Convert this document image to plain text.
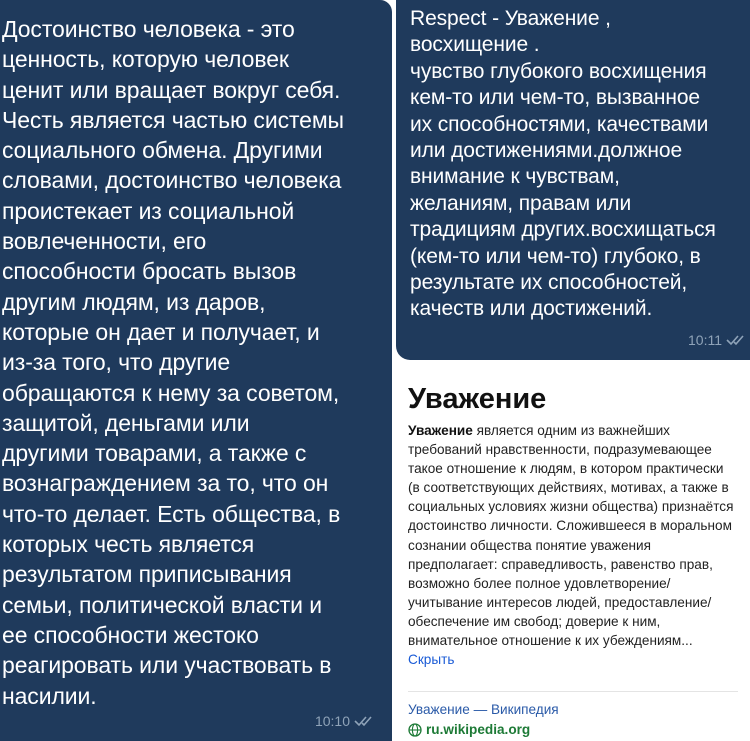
Достоинство человека - это
ценность, которую человек
ценит или вращает вокруг себя.
Честь является частью системы
социального обмена. Другими
словами, достоинство человека
проистекает из социальной
вовлеченности, его
способности бросать вызов
другим людям, из даров,
которые он дает и получает, и
из-за того, что другие
обращаются к нему за советом,
защитой, деньгами или
другими товарами, а также с
вознаграждением за то, что он
что-то делает. Есть общества, в
которых честь является
результатом приписывания
семьи, политической власти и
ее способности жестоко
реагировать или участвовать в
насилии.
10:10
Respect - Уважение ,
восхищение .
чувство глубокого восхищения
кем-то или чем-то, вызванное
их способностями, качествами
или достижениями.должное
внимание к чувствам,
желаниям, правам или
традициям других.восхищаться
(кем-то или чем-то) глубоко, в
результате их способностей,
качеств или достижений.
10:11
Уважение
Уважение является одним из важнейших требований нравственности, подразумевающее такое отношение к людям, в котором практически (в соответствующих действиях, мотивах, а также в социальных условиях жизни общества) признаётся достоинство личности. Сложившееся в моральном сознании общества понятие уважения предполагает: справедливость, равенство прав, возможно более полное удовлетворение/учитывание интересов людей, предоставление/обеспечение им свобод; доверие к ним, внимательное отношение к их убеждениям... Скрыть
Уважение — Википедия
ru.wikipedia.org
